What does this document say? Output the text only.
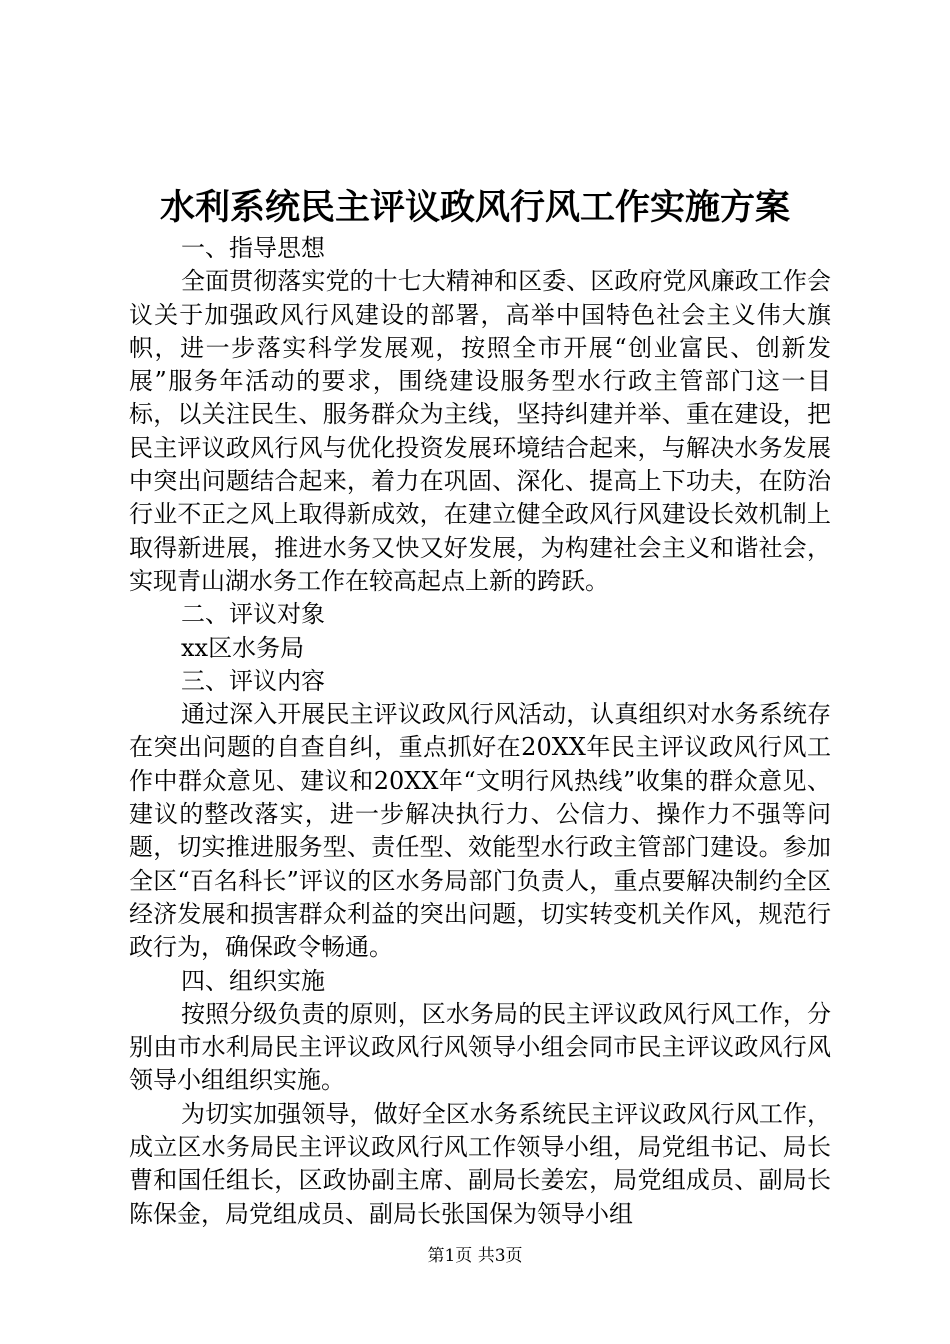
水利系统民主评议政风行风工作实施方案

一、指导思想

全面贯彻落实党的十七大精神和区委、区政府党风廉政工作会议关于加强政风行风建设的部署，高举中国特色社会主义伟大旗帜，进一步落实科学发展观，按照全市开展“创业富民、创新发展”服务年活动的要求，围绕建设服务型水行政主管部门这一目标，以关注民生、服务群众为主线，坚持纠建并举、重在建设，把民主评议政风行风与优化投资发展环境结合起来，与解决水务发展中突出问题结合起来，着力在巩固、深化、提高上下功夫，在防治行业不正之风上取得新成效，在建立健全政风行风建设长效机制上取得新进展，推进水务又快又好发展，为构建社会主义和谐社会，实现青山湖水务工作在较高起点上新的跨跃。

二、评议对象

xx区水务局

三、评议内容

通过深入开展民主评议政风行风活动，认真组织对水务系统存在突出问题的自查自纠，重点抓好在20XX年民主评议政风行风工作中群众意见、建议和20XX年“文明行风热线”收集的群众意见、建议的整改落实，进一步解决执行力、公信力、操作力不强等问题，切实推进服务型、责任型、效能型水行政主管部门建设。参加全区“百名科长”评议的区水务局部门负责人，重点要解决制约全区经济发展和损害群众利益的突出问题，切实转变机关作风，规范行政行为，确保政令畅通。

四、组织实施

按照分级负责的原则，区水务局的民主评议政风行风工作，分别由市水利局民主评议政风行风领导小组会同市民主评议政风行风领导小组组织实施。

为切实加强领导，做好全区水务系统民主评议政风行风工作，成立区水务局民主评议政风行风工作领导小组，局党组书记、局长曹和国任组长，区政协副主席、副局长姜宏，局党组成员、副局长陈保金，局党组成员、副局长张国保为领导小组

第1页 共3页
